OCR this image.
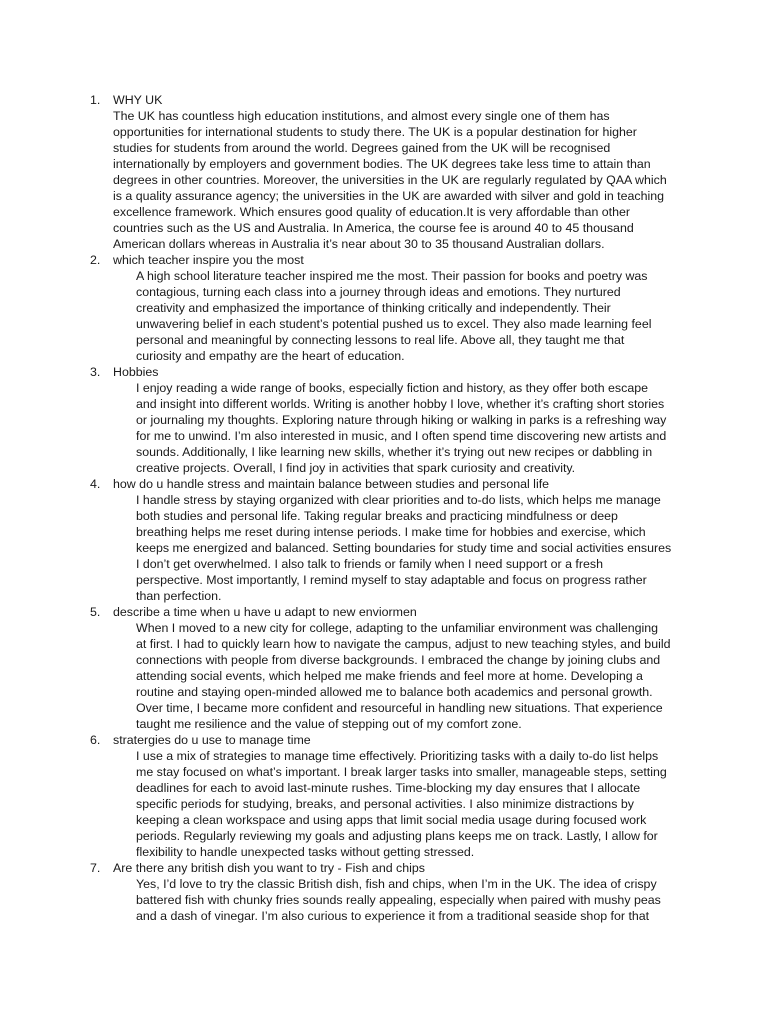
1. WHY UK

The UK has countless high education institutions, and almost every single one of them has
opportunities for international students to study there. The UK is a popular destination for higher
studies for students from around the world. Degrees gained from the UK will be recognised
internationally by employers and government bodies. The UK degrees take less time to attain than
degrees in other countries. Moreover, the universities in the UK are regularly regulated by QAA which
is a quality assurance agency; the universities in the UK are awarded with silver and gold in teaching
excellence framework. Which ensures good quality of education.It is very affordable than other
countries such as the US and Australia. In America, the course fee is around 40 to 45 thousand
American dollars whereas in Australia it’s near about 30 to 35 thousand Australian dollars.

2. which teacher inspire you the most

A high school literature teacher inspired me the most. Their passion for books and poetry was
contagious, turning each class into a journey through ideas and emotions. They nurtured
creativity and emphasized the importance of thinking critically and independently. Their
unwavering belief in each student’s potential pushed us to excel. They also made learning feel
personal and meaningful by connecting lessons to real life. Above all, they taught me that
curiosity and empathy are the heart of education.

3. Hobbies

I enjoy reading a wide range of books, especially fiction and history, as they offer both escape
and insight into different worlds. Writing is another hobby I love, whether it’s crafting short stories
or journaling my thoughts. Exploring nature through hiking or walking in parks is a refreshing way
for me to unwind. I’m also interested in music, and I often spend time discovering new artists and
sounds. Additionally, I like learning new skills, whether it’s trying out new recipes or dabbling in
creative projects. Overall, I find joy in activities that spark curiosity and creativity.

4. how do u handle stress and maintain balance between studies and personal life

I handle stress by staying organized with clear priorities and to-do lists, which helps me manage
both studies and personal life. Taking regular breaks and practicing mindfulness or deep
breathing helps me reset during intense periods. I make time for hobbies and exercise, which
keeps me energized and balanced. Setting boundaries for study time and social activities ensures
I don’t get overwhelmed. I also talk to friends or family when I need support or a fresh
perspective. Most importantly, I remind myself to stay adaptable and focus on progress rather
than perfection.

5. describe a time when u have u adapt to new enviormen

When I moved to a new city for college, adapting to the unfamiliar environment was challenging
at first. I had to quickly learn how to navigate the campus, adjust to new teaching styles, and build
connections with people from diverse backgrounds. I embraced the change by joining clubs and
attending social events, which helped me make friends and feel more at home. Developing a
routine and staying open-minded allowed me to balance both academics and personal growth.
Over time, I became more confident and resourceful in handling new situations. That experience
taught me resilience and the value of stepping out of my comfort zone.

6. stratergies do u use to manage time

I use a mix of strategies to manage time effectively. Prioritizing tasks with a daily to-do list helps
me stay focused on what’s important. I break larger tasks into smaller, manageable steps, setting
deadlines for each to avoid last-minute rushes. Time-blocking my day ensures that I allocate
specific periods for studying, breaks, and personal activities. I also minimize distractions by
keeping a clean workspace and using apps that limit social media usage during focused work
periods. Regularly reviewing my goals and adjusting plans keeps me on track. Lastly, I allow for
flexibility to handle unexpected tasks without getting stressed.

7. Are there any british dish you want to try - Fish and chips

Yes, I’d love to try the classic British dish, fish and chips, when I’m in the UK. The idea of crispy
battered fish with chunky fries sounds really appealing, especially when paired with mushy peas
and a dash of vinegar. I’m also curious to experience it from a traditional seaside shop for that
